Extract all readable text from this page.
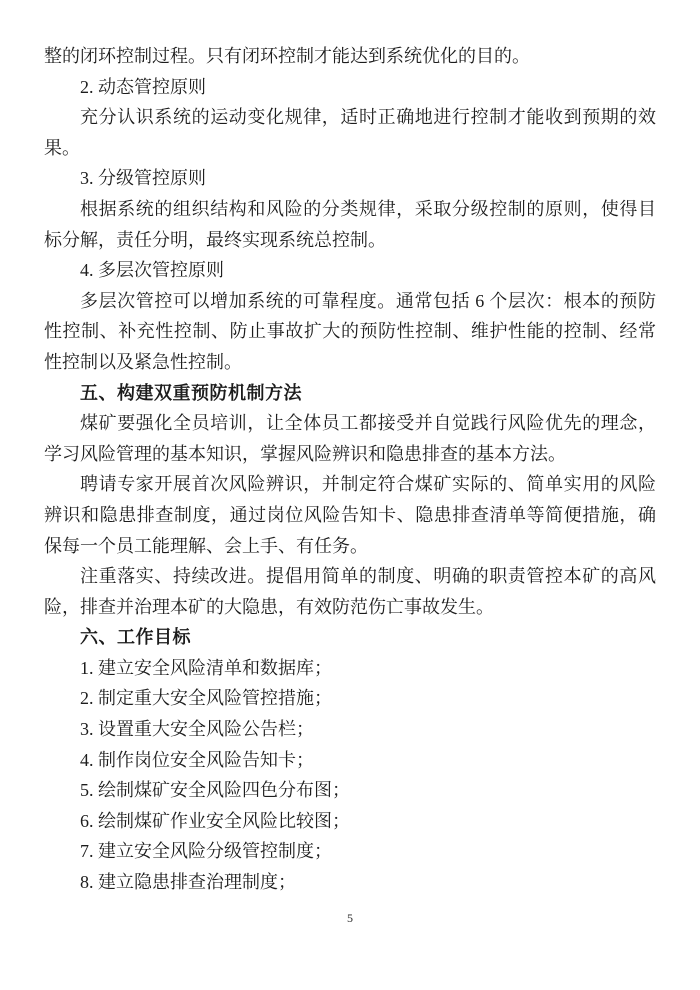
整的闭环控制过程。只有闭环控制才能达到系统优化的目的。
2. 动态管控原则
充分认识系统的运动变化规律，适时正确地进行控制才能收到预期的效
果。
3. 分级管控原则
根据系统的组织结构和风险的分类规律，采取分级控制的原则，使得目
标分解，责任分明，最终实现系统总控制。
4. 多层次管控原则
多层次管控可以增加系统的可靠程度。通常包括 6 个层次：根本的预防
性控制、补充性控制、防止事故扩大的预防性控制、维护性能的控制、经常
性控制以及紧急性控制。
五、构建双重预防机制方法
煤矿要强化全员培训，让全体员工都接受并自觉践行风险优先的理念，
学习风险管理的基本知识，掌握风险辨识和隐患排查的基本方法。
聘请专家开展首次风险辨识，并制定符合煤矿实际的、简单实用的风险
辨识和隐患排查制度，通过岗位风险告知卡、隐患排查清单等简便措施，确
保每一个员工能理解、会上手、有任务。
注重落实、持续改进。提倡用简单的制度、明确的职责管控本矿的高风
险，排查并治理本矿的大隐患，有效防范伤亡事故发生。
六、工作目标
1. 建立安全风险清单和数据库；
2. 制定重大安全风险管控措施；
3. 设置重大安全风险公告栏；
4. 制作岗位安全风险告知卡；
5. 绘制煤矿安全风险四色分布图；
6. 绘制煤矿作业安全风险比较图；
7. 建立安全风险分级管控制度；
8. 建立隐患排查治理制度；
5
